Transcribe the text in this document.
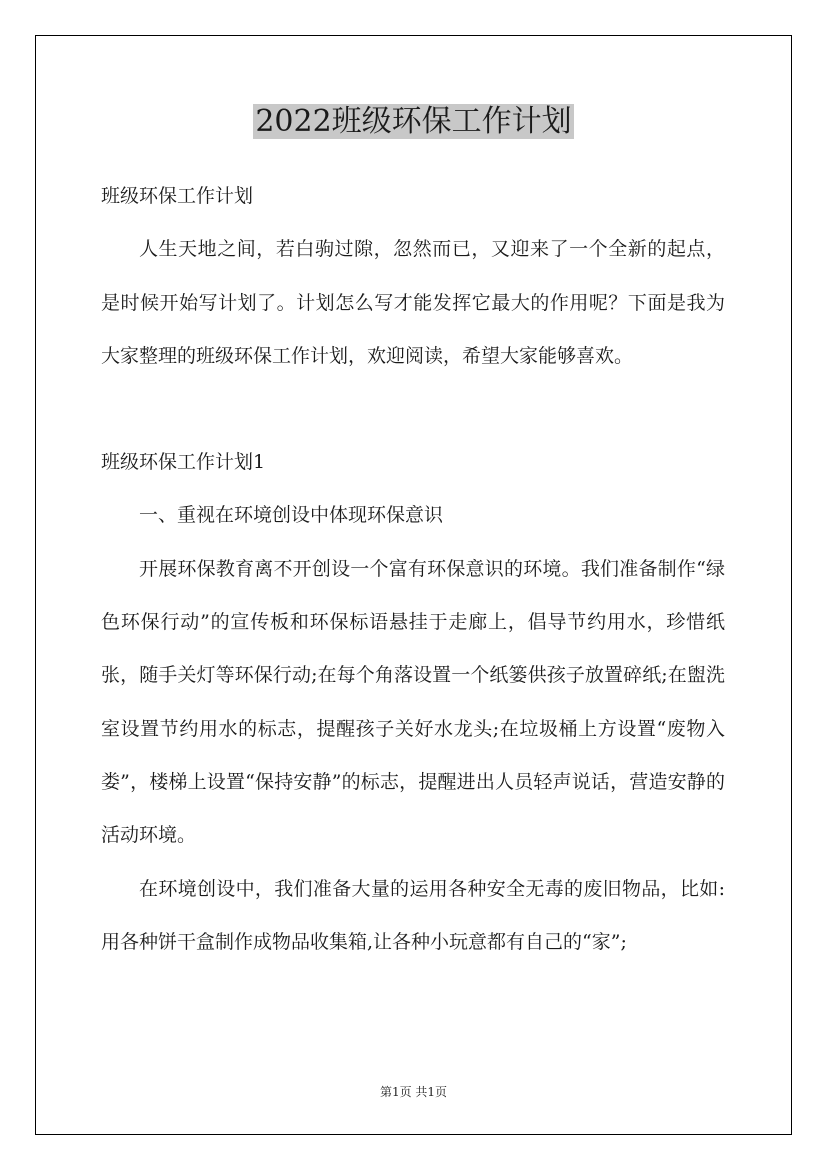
2022班级环保工作计划

班级环保工作计划

人生天地之间，若白驹过隙，忽然而已，又迎来了一个全新的起点，是时候开始写计划了。计划怎么写才能发挥它最大的作用呢？下面是我为大家整理的班级环保工作计划，欢迎阅读，希望大家能够喜欢。

班级环保工作计划1

一、重视在环境创设中体现环保意识

开展环保教育离不开创设一个富有环保意识的环境。我们准备制作“绿色环保行动”的宣传板和环保标语悬挂于走廊上，倡导节约用水，珍惜纸张，随手关灯等环保行动;在每个角落设置一个纸篓供孩子放置碎纸;在盥洗室设置节约用水的标志，提醒孩子关好水龙头;在垃圾桶上方设置“废物入娄”，楼梯上设置“保持安静”的标志，提醒进出人员轻声说话，营造安静的活动环境。

在环境创设中，我们准备大量的运用各种安全无毒的废旧物品，比如: 用各种饼干盒制作成物品收集箱,让各种小玩意都有自己的“家”;

第1页 共1页
